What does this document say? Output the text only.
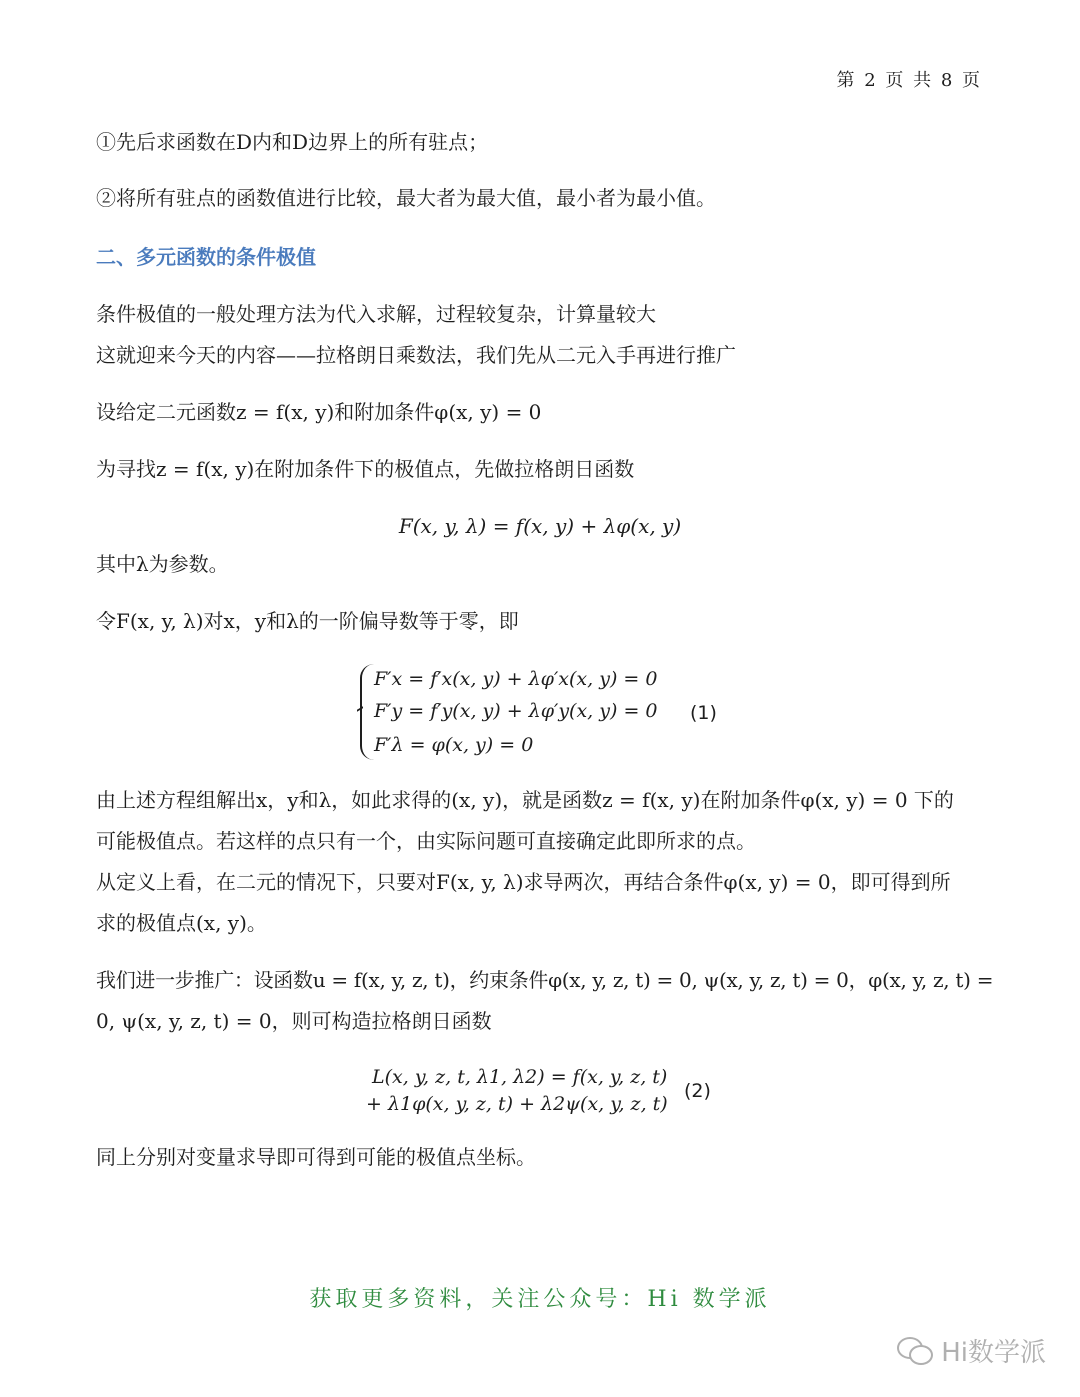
第 2 页 共 8 页
①先后求函数在D内和D边界上的所有驻点；
②将所有驻点的函数值进行比较，最大者为最大值，最小者为最小值。
二、多元函数的条件极值
条件极值的一般处理方法为代入求解，过程较复杂，计算量较大
这就迎来今天的内容——拉格朗日乘数法，我们先从二元入手再进行推广
设给定二元函数z = f(x, y)和附加条件φ(x, y) = 0
为寻找z = f(x, y)在附加条件下的极值点，先做拉格朗日函数
F(x, y, λ) = f(x, y) + λφ(x, y)
其中λ为参数。
令F(x, y, λ)对x，y和λ的一阶偏导数等于零，即
F′x = f′x(x, y) + λφ′x(x, y) = 0
F′y = f′y(x, y) + λφ′y(x, y) = 0
F′λ = φ(x, y) = 0
(1)
由上述方程组解出x，y和λ，如此求得的(x, y)，就是函数z = f(x, y)在附加条件φ(x, y) = 0 下的
可能极值点。若这样的点只有一个，由实际问题可直接确定此即所求的点。
从定义上看，在二元的情况下，只要对F(x, y, λ)求导两次，再结合条件φ(x, y) = 0，即可得到所
求的极值点(x, y)。
我们进一步推广：设函数u = f(x, y, z, t)，约束条件φ(x, y, z, t) = 0, ψ(x, y, z, t) = 0，φ(x, y, z, t) =
0, ψ(x, y, z, t) = 0，则可构造拉格朗日函数
L(x, y, z, t, λ1, λ2) = f(x, y, z, t)
+ λ1φ(x, y, z, t) + λ2ψ(x, y, z, t)
(2)
同上分别对变量求导即可得到可能的极值点坐标。
获取更多资料，关注公众号：Hi 数学派
Hi数学派
